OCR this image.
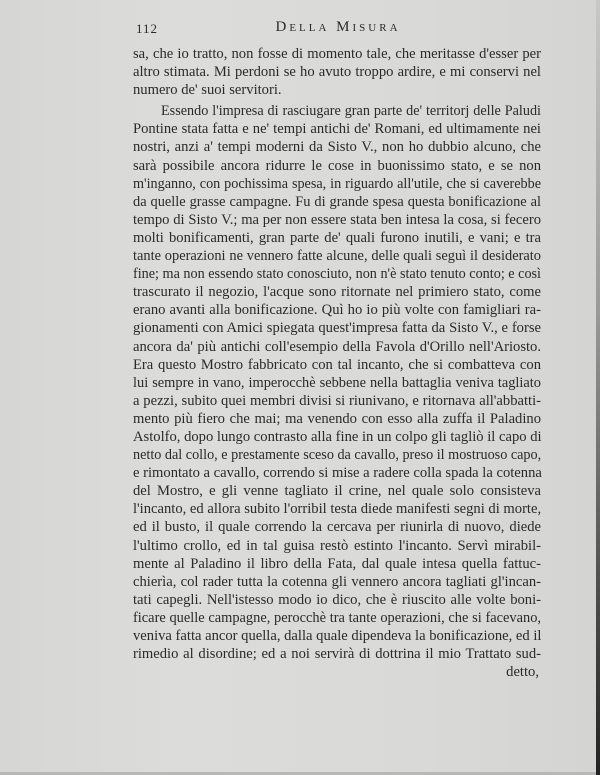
112	Della Misura
sa, che io tratto, non fosse di momento tale, che meritasse d'esser per
altro stimata. Mi perdoni se ho avuto troppo ardire, e mi conservi nel
numero de' suoi servitori.
Essendo l'impresa di rasciugare gran parte de' territorj delle Paludi
Pontine stata fatta e ne' tempi antichi de' Romani, ed ultimamente nei
nostri, anzi a' tempi moderni da Sisto V., non ho dubbio alcuno, che
sarà possibile ancora ridurre le cose in buonissimo stato, e se non
m'inganno, con pochissima spesa, in riguardo all'utile, che si caverebbe
da quelle grasse campagne. Fu di grande spesa questa bonificazione al
tempo di Sisto V.; ma per non essere stata ben intesa la cosa, si fecero
molti bonificamenti, gran parte de' quali furono inutili, e vani; e tra
tante operazioni ne vennero fatte alcune, delle quali seguì il desiderato
fine; ma non essendo stato conosciuto, non n'è stato tenuto conto; e così
trascurato il negozio, l'acque sono ritornate nel primiero stato, come
erano avanti alla bonificazione. Quì ho io più volte con famigliari ra-
gionamenti con Amici spiegata quest'impresa fatta da Sisto V., e forse
ancora da' più antichi coll'esempio della Favola d'Orillo nell'Ariosto.
Era questo Mostro fabbricato con tal incanto, che si combatteva con
lui sempre in vano, imperocchè sebbene nella battaglia veniva tagliato
a pezzi, subito quei membri divisi si riunivano, e ritornava all'abbatti-
mento più fiero che mai; ma venendo con esso alla zuffa il Paladino
Astolfo, dopo lungo contrasto alla fine in un colpo gli tagliò il capo di
netto dal collo, e prestamente sceso da cavallo, preso il mostruoso capo,
e rimontato a cavallo, correndo si mise a radere colla spada la cotenna
del Mostro, e gli venne tagliato il crine, nel quale solo consisteva
l'incanto, ed allora subito l'orribil testa diede manifesti segni di morte,
ed il busto, il quale correndo la cercava per riunirla di nuovo, diede
l'ultimo crollo, ed in tal guisa restò estinto l'incanto. Servì mirabil-
mente al Paladino il libro della Fata, dal quale intesa quella fattuc-
chierìa, col rader tutta la cotenna gli vennero ancora tagliati gl'incan-
tati capegli. Nell'istesso modo io dico, che è riuscito alle volte boni-
ficare quelle campagne, perocchè tra tante operazioni, che si facevano,
veniva fatta ancor quella, dalla quale dipendeva la bonificazione, ed il
rimedio al disordine; ed a noi servirà di dottrina il mio Trattato sud-
detto,
